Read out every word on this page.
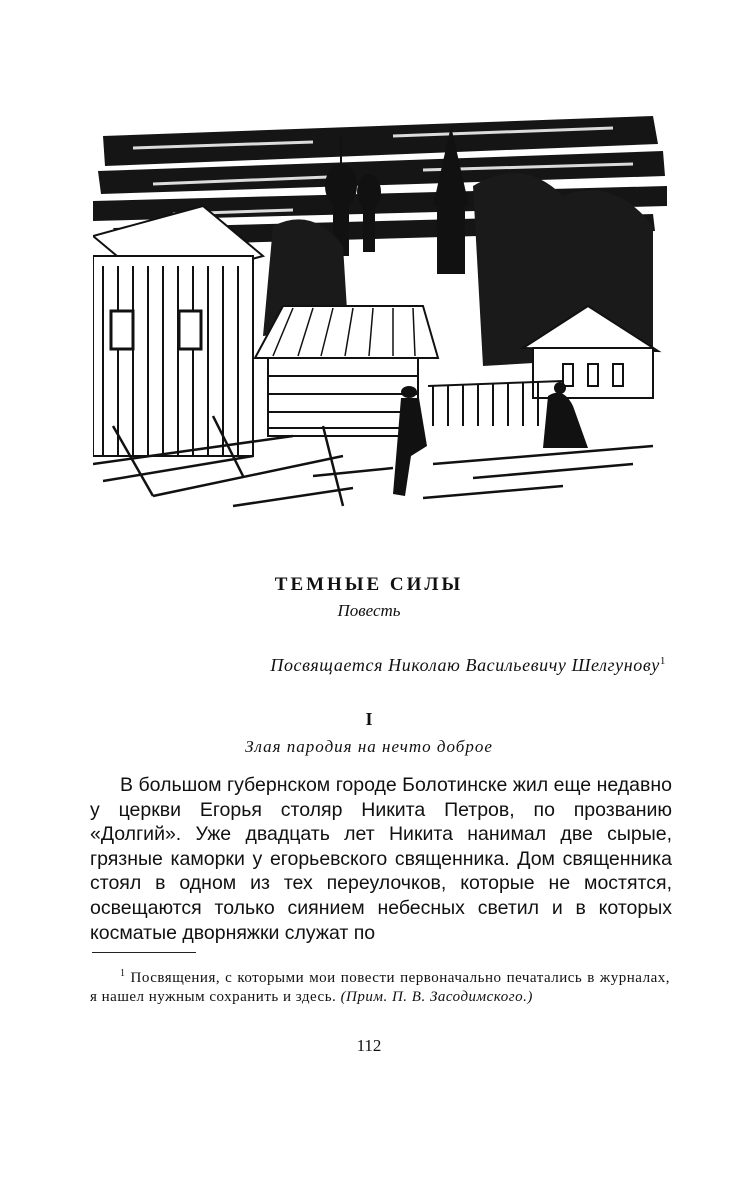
ТЕМНЫЕ СИЛЫ
Повесть
Посвящается Николаю Васильевичу Шелгунову$^1$
I
Злая пародия на нечто доброе

В большом губернском городе Болотинске жил еще недавно у церкви Егорья столяр Никита Петров, по прозванию «Долгий». Уже двадцать лет Никита нанимал две сырые, грязные каморки у егорьевского священника. Дом священника стоял в одном из тех переулочков, которые не мостятся, освещаются только сиянием небесных светил и в которых косматые дворняжки служат по

$^1$ Посвящения, с которыми мои повести первоначально печатались в журналах, я нашел нужным сохранить и здесь. (Прим. П. В. Засодимского.)

112
